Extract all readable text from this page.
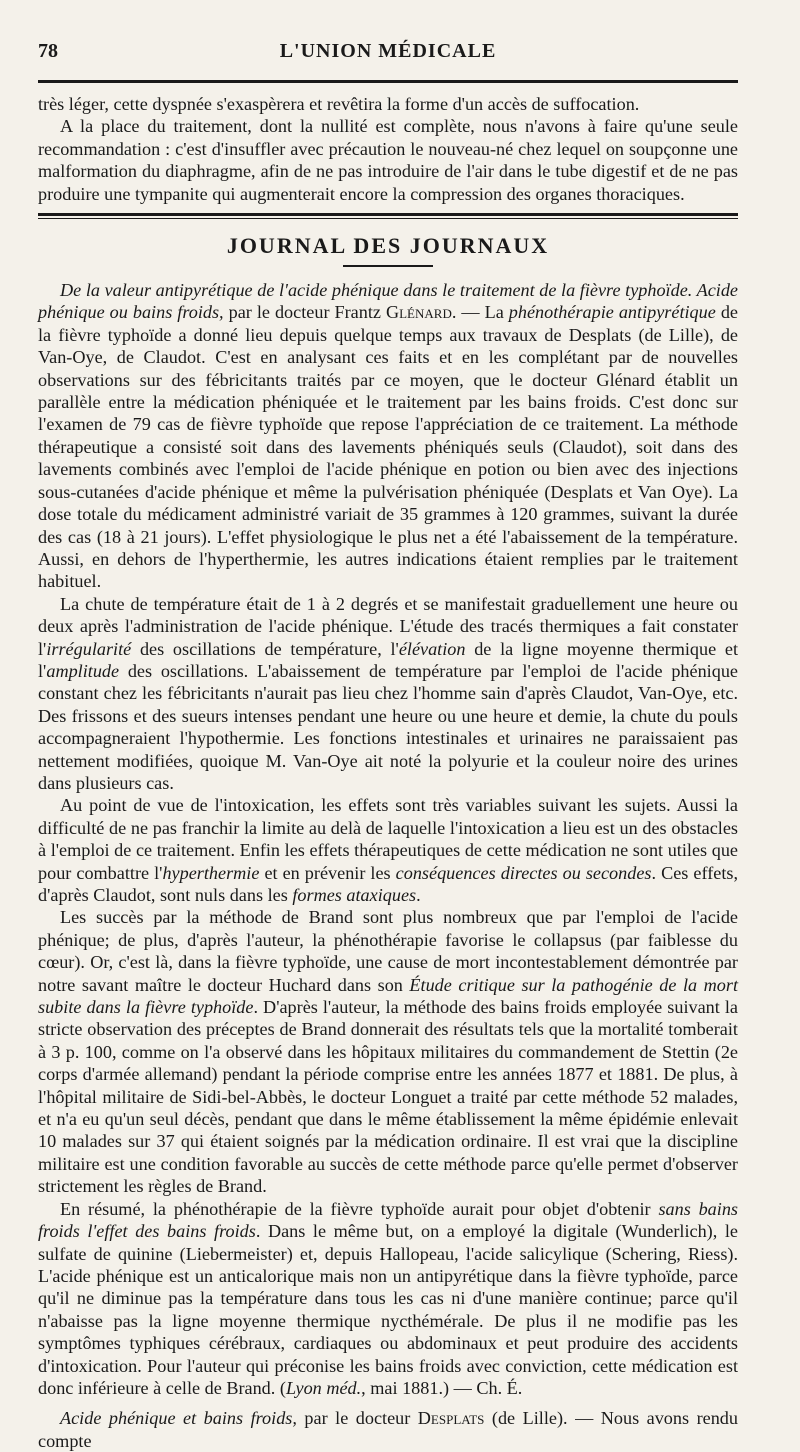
78	L'UNION MÉDICALE

très léger, cette dyspnée s'exaspèrera et revêtira la forme d'un accès de suffocation.

A la place du traitement, dont la nullité est complète, nous n'avons à faire qu'une seule recommandation : c'est d'insuffler avec précaution le nouveau-né chez lequel on soupçonne une malformation du diaphragme, afin de ne pas introduire de l'air dans le tube digestif et de ne pas produire une tympanite qui augmenterait encore la compression des organes thoraciques.

JOURNAL DES JOURNAUX

De la valeur antipyrétique de l'acide phénique dans le traitement de la fièvre typhoïde. Acide phénique ou bains froids, par le docteur Frantz Glénard. — La phénothérapie antipyrétique de la fièvre typhoïde a donné lieu depuis quelque temps aux travaux de Desplats (de Lille), de Van-Oye, de Claudot. C'est en analysant ces faits et en les complétant par de nouvelles observations sur des fébricitants traités par ce moyen, que le docteur Glénard établit un parallèle entre la médication phéniquée et le traitement par les bains froids. C'est donc sur l'examen de 79 cas de fièvre typhoïde que repose l'appréciation de ce traitement. La méthode thérapeutique a consisté soit dans des lavements phéniqués seuls (Claudot), soit dans des lavements combinés avec l'emploi de l'acide phénique en potion ou bien avec des injections sous-cutanées d'acide phénique et même la pulvérisation phéniquée (Desplats et Van Oye). La dose totale du médicament administré variait de 35 grammes à 120 grammes, suivant la durée des cas (18 à 21 jours). L'effet physiologique le plus net a été l'abaissement de la température. Aussi, en dehors de l'hyperthermie, les autres indications étaient remplies par le traitement habituel.

La chute de température était de 1 à 2 degrés et se manifestait graduellement une heure ou deux après l'administration de l'acide phénique. L'étude des tracés thermiques a fait constater l'irrégularité des oscillations de température, l'élévation de la ligne moyenne thermique et l'amplitude des oscillations. L'abaissement de température par l'emploi de l'acide phénique constant chez les fébricitants n'aurait pas lieu chez l'homme sain d'après Claudot, Van-Oye, etc. Des frissons et des sueurs intenses pendant une heure ou une heure et demie, la chute du pouls accompagneraient l'hypothermie. Les fonctions intestinales et urinaires ne paraissaient pas nettement modifiées, quoique M. Van-Oye ait noté la polyurie et la couleur noire des urines dans plusieurs cas.

Au point de vue de l'intoxication, les effets sont très variables suivant les sujets. Aussi la difficulté de ne pas franchir la limite au delà de laquelle l'intoxication a lieu est un des obstacles à l'emploi de ce traitement. Enfin les effets thérapeutiques de cette médication ne sont utiles que pour combattre l'hyperthermie et en prévenir les conséquences directes ou secondes. Ces effets, d'après Claudot, sont nuls dans les formes ataxiques.

Les succès par la méthode de Brand sont plus nombreux que par l'emploi de l'acide phénique; de plus, d'après l'auteur, la phénothérapie favorise le collapsus (par faiblesse du cœur). Or, c'est là, dans la fièvre typhoïde, une cause de mort incontestablement démontrée par notre savant maître le docteur Huchard dans son Étude critique sur la pathogénie de la mort subite dans la fièvre typhoïde. D'après l'auteur, la méthode des bains froids employée suivant la stricte observation des préceptes de Brand donnerait des résultats tels que la mortalité tomberait à 3 p. 100, comme on l'a observé dans les hôpitaux militaires du commandement de Stettin (2e corps d'armée allemand) pendant la période comprise entre les années 1877 et 1881. De plus, à l'hôpital militaire de Sidi-bel-Abbès, le docteur Longuet a traité par cette méthode 52 malades, et n'a eu qu'un seul décès, pendant que dans le même établissement la même épidémie enlevait 10 malades sur 37 qui étaient soignés par la médication ordinaire. Il est vrai que la discipline militaire est une condition favorable au succès de cette méthode parce qu'elle permet d'observer strictement les règles de Brand.

En résumé, la phénothérapie de la fièvre typhoïde aurait pour objet d'obtenir sans bains froids l'effet des bains froids. Dans le même but, on a employé la digitale (Wunderlich), le sulfate de quinine (Liebermeister) et, depuis Hallopeau, l'acide salicylique (Schering, Riess). L'acide phénique est un anticalorique mais non un antipyrétique dans la fièvre typhoïde, parce qu'il ne diminue pas la température dans tous les cas ni d'une manière continue; parce qu'il n'abaisse pas la ligne moyenne thermique nycthémérale. De plus il ne modifie pas les symptômes typhiques cérébraux, cardiaques ou abdominaux et peut produire des accidents d'intoxication. Pour l'auteur qui préconise les bains froids avec conviction, cette médication est donc inférieure à celle de Brand. (Lyon méd., mai 1881.) — Ch. É.

Acide phénique et bains froids, par le docteur Desplats (de Lille). — Nous avons rendu compte
